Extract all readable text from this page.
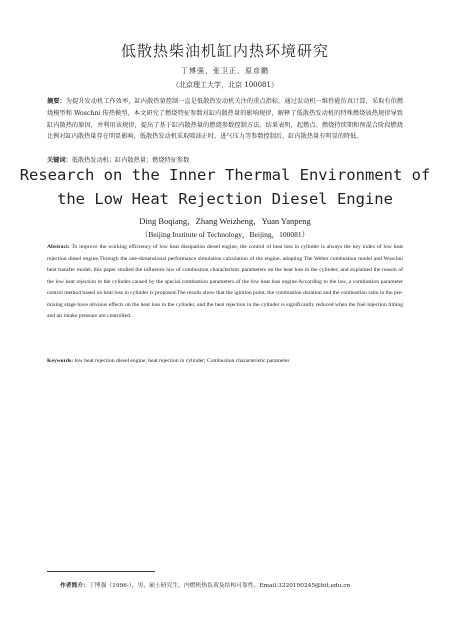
低散热柴油机缸内热环境研究
丁博强，张卫正，原彦鹏
（北京理工大学，北京 100081）
摘要：为提升发动机工作效率，缸内散热量控制一直是低散热发动机关注的重点指标。通过发动机一维性能仿真计算，采取有伯燃烧模型和 Woschni 传热模型，本文研究了燃烧特征参数对缸内散热量的影响规律，解释了低散热发动机的特殊燃烧放热规律导致缸内散热的原因，并利用该规律，提出了基于缸内散热量的燃烧参数控制方法。结果表明，起燃点、燃烧持续期和预混合阶段燃烧比例对缸内散热量存在明显影响，低散热发动机采取喷油正时、进气压力等参数控制后，缸内散热量有明显的降低。
关键词：低散热发动机；缸内散热量；燃烧特征参数
Research on the Inner Thermal Environment of
the Low Heat Rejection Diesel Engine
Ding Boqiang，Zhang Weizheng，Yuan Yanpeng
（Beijing Institute of Technology，Beijing，100081）
Abstract: To improve the working efficiency of low heat dissipation diesel engine, the control of heat loss in cylinder is always the key index of low heat rejection diesel engine.Through the one-dimensional performance simulation calculation of the engine, adopting The Weber combustion model and Woschni heat transfer model, this paper studied the influence law of combustion characteristic parameters on the heat loss in the cylinder, and explained the reason of the low heat rejection in the cylinder caused by the special combustion parameters of the low heat loss engine.According to the law, a combustion parameter control method based on heat loss in cylinder is proposed.The results show that the ignition point, the combustion duration and the combustion ratio in the pre-mixing stage have obvious effects on the heat loss in the cylinder, and the heat rejection in the cylinder is significantly reduced when the fuel injection timing and air intake pressure are controlled.
Keywords: low heat rejection diesel engine; heat rejection in cylinder; Combustion characteristic parameter
作者简介：丁博强（1996-），男，硕士研究生，内燃机热负荷及结构可靠性。Email:3220190245@bit.edu.cn
